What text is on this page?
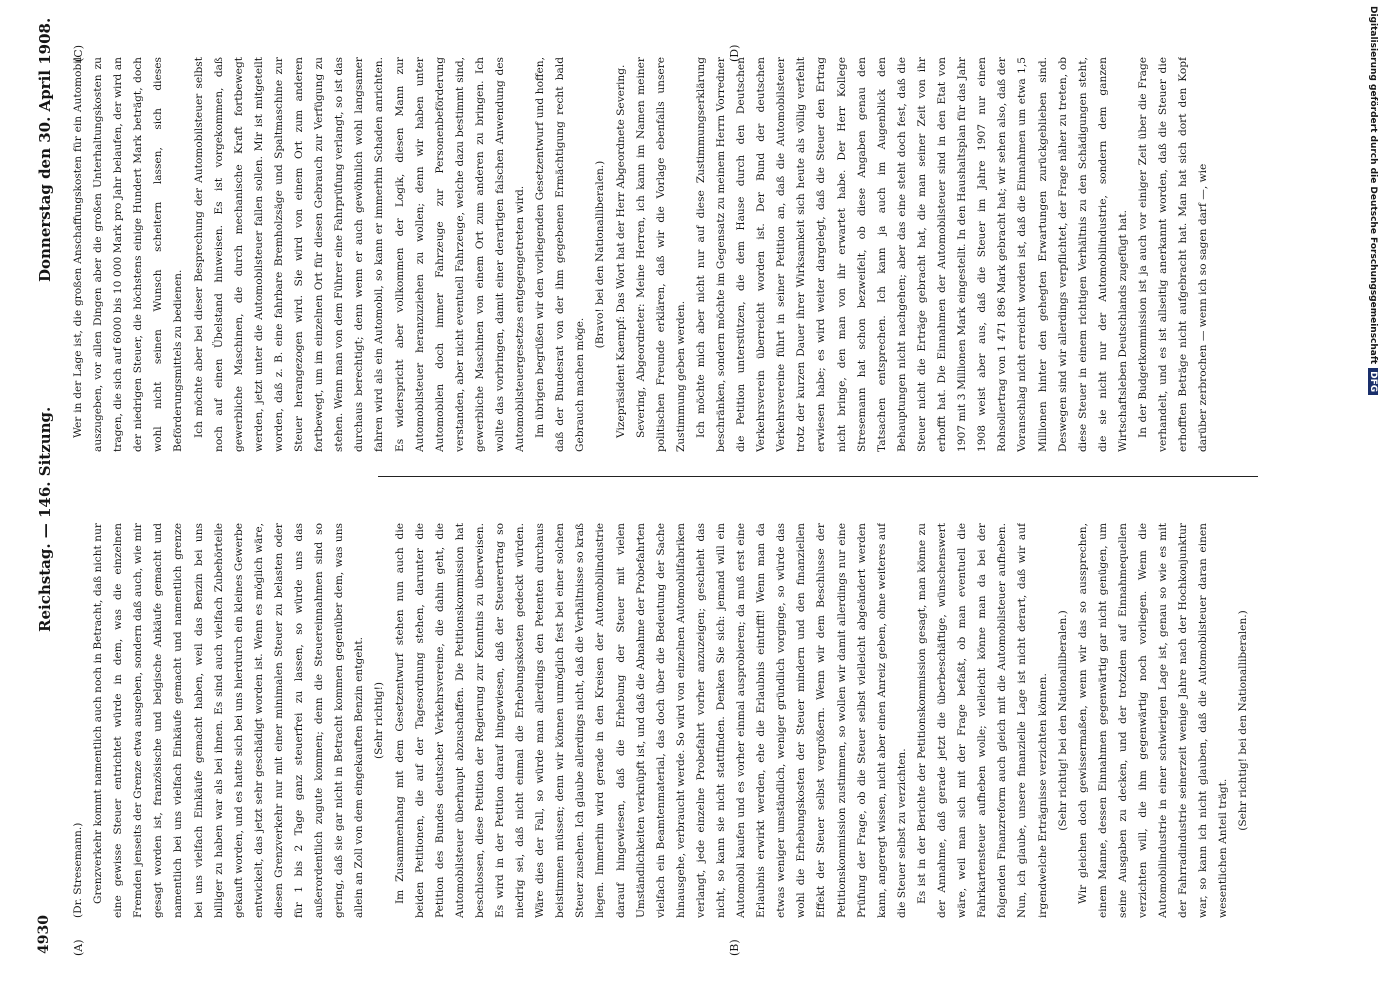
4930
Reichstag. — 146. Sitzung.
Donnerstag den 30. April 1908.
(A)	(B)
(C)	(D)

(Dr. Stresemann.) Grenzverkehr kommt namentlich auch noch in Betracht, daß nicht nur eine gewisse Steuer entrichtet würde in dem, was die einzelnen Fremden jenseits der Grenze etwa ausgeben, sondern daß auch, wie mir gesagt worden ist, französische und belgische Ankäufe gemacht und namentlich bei uns vielfach Einkäufe gemacht und namentlich grenze bei uns vielfach Einkäufe gemacht haben, weil das Benzin bei uns billiger zu haben war als bei ihnen. Es sind auch vielfach Zubehörteile gekauft worden, und es hatte sich bei uns hierdurch ein kleines Gewerbe entwickelt, das jetzt sehr geschädigt worden ist. Wenn es möglich wäre, diesen Grenzverkehr nur mit einer minimalen Steuer zu belasten oder für 1 bis 2 Tage ganz steuerfrei zu lassen, so würde uns das außerordentlich zugute kommen; denn die Steuereinnahmen sind so gering, daß sie gar nicht in Betracht kommen gegenüber dem, was uns allein an Zoll von dem eingekauften Benzin entgeht. (Sehr richtig!) Im Zusammenhang mit dem Gesetzentwurf stehen nun auch die beiden Petitionen, die auf der Tagesordnung stehen, darunter die Petition des Bundes deutscher Verkehrsvereine, die dahin geht, die Automobilsteuer überhaupt abzuschaffen. Die Petitionskommission hat beschlossen, diese Petition der Regierung zur Kenntnis zu überweisen. Es wird in der Petition darauf hingewiesen, daß der Steuerertrag so niedrig sei, daß nicht einmal die Erhebungskosten gedeckt würden. Wäre dies der Fall, so würde man allerdings den Petenten durchaus beistimmen müssen; denn wir können unmöglich fest bei einer solchen Steuer zusehen. Ich glaube allerdings nicht, daß die Verhältnisse so kraß liegen. Immerhin wird gerade in den Kreisen der Automobilindustrie darauf hingewiesen, daß die Erhebung der Steuer mit vielen Umständlichkeiten verknüpft ist, und daß die Abnahme der Probefahrten vielfach ein Beamtenmaterial, das doch über die Bedeutung der Sache hinausgehe, verbraucht werde. So wird von einzelnen Automobilfabriken verlangt, jede einzelne Probefahrt vorher anzuzeigen; geschieht das nicht, so kann sie nicht stattfinden. Denken Sie sich: jemand will ein Automobil kaufen und es vorher einmal ausprobieren; da muß erst eine Erlaubnis erwirkt werden, ehe die Erlaubnis eintrifft! Wenn man da etwas weniger umständlich, weniger gründlich vorginge, so würde das wohl die Erhebungskosten der Steuer mindern und den finanziellen Effekt der Steuer selbst vergrößern. Wenn wir dem Beschlusse der Petitionskommission zustimmen, so wollen wir damit allerdings nur eine Prüfung der Frage, ob die Steuer selbst vielleicht abgeändert werden kann, angeregt wissen, nicht aber einen Anreiz geben, ohne weiteres auf die Steuer selbst zu verzichten. Es ist in der Berichte der Petitionskommission gesagt, man könne zu der Annahme, daß gerade jetzt die überbeschäftige, wünschenswert wäre, weil man sich mit der Frage befaßt, ob man eventuell die Fahrkartensteuer aufheben wolle; vielleicht könne man da bei der folgenden Finanzreform auch gleich mit die Automobilsteuer aufheben. Nun, ich glaube, unsere finanzielle Lage ist nicht derart, daß wir auf irgendwelche Erträgnisse verzichten können. (Sehr richtig! bei den Nationalliberalen.) Wir gleichen doch gewissermaßen, wenn wir das so aussprechen, einem Manne, dessen Einnahmen gegenwärtig gar nicht genügen, um seine Ausgaben zu decken, und der trotzdem auf Einnahmequellen verzichten will, die ihm gegenwärtig noch vorliegen. Wenn die Automobilindustrie in einer schwierigen Lage ist, genau so wie es mit der Fahrradindustrie seinerzeit wenige Jahre nach der Hochkonjunktur war, so kann ich nicht glauben, daß die Automobilsteuer daran einen wesentlichen Anteil trägt.

(Sehr richtig! bei den Nationalliberalen.)

Wer in der Lage ist, die großen Anschaffungskosten für ein Automobil auszugeben, vor allen Dingen aber die großen Unterhaltungskosten zu tragen, die sich auf 6000 bis 10 000 Mark pro Jahr belaufen, der wird an der niedrigen Steuer, die höchstens einige Hundert Mark beträgt, doch wohl nicht seinen Wunsch scheitern lassen, sich dieses Beförderungsmittels zu bedienen. Ich möchte aber bei dieser Besprechung der Automobilsteuer selbst noch auf einen Übelstand hinweisen. Es ist vorgekommen, daß gewerbliche Maschinen, die durch mechanische Kraft fortbewegt werden, jetzt unter die Automobilsteuer fallen sollen. Mir ist mitgeteilt worden, daß z. B. eine fahrbare Bremholzsäge und Spaltmaschine zur Steuer herangezogen wird. Sie wird von einem Ort zum anderen fortbewegt, um im einzelnen Ort für diesen Gebrauch zur Verfügung zu stehen. Wenn man von dem Führer eine Fahrprüfung verlangt, so ist das durchaus berechtigt; denn wenn er auch gewöhnlich wohl langsamer fahren wird als ein Automobil, so kann er immerhin Schaden anrichten. Es widerspricht aber vollkommen der Logik, diesen Mann zur Automobilsteuer heranzuziehen zu wollen; denn wir haben unter Automobilen doch immer Fahrzeuge zur Personenbeförderung verstanden, aber nicht eventuell Fahrzeuge, welche dazu bestimmt sind, gewerbliche Maschinen von einem Ort zum anderen zu bringen. Ich wollte das vorbringen, damit einer derartigen falschen Anwendung des Automobilsteuergesetzes entgegengetreten wird. Im übrigen begrüßen wir den vorliegenden Gesetzentwurf und hoffen, daß der Bundesrat von der ihm gegebenen Ermächtigung recht bald Gebrauch machen möge.

(Bravo! bei den Nationalliberalen.) Vizepräsident Kaempf: Das Wort hat der Herr Abgeordnete Severing. Severing, Abgeordneter: Meine Herren, ich kann im Namen meiner politischen Freunde erklären, daß wir die Vorlage ebenfalls unsere Zustimmung geben werden. Ich möchte mich aber nicht nur auf diese Zustimmungserklärung beschränken, sondern möchte im Gegensatz zu meinem Herrn Vorredner die Petition unterstützen, die dem Hause durch den Deutschen Verkehrsverein überreicht worden ist. Der Bund der deutschen Verkehrsvereine führt in seiner Petition an, daß die Automobilsteuer trotz der kurzen Dauer ihrer Wirksamkeit sich heute als völlig verfehlt erwiesen habe; es wird weiter dargelegt, daß die Steuer den Ertrag nicht bringe, den man von ihr erwartet habe. Der Herr Kollege Stresemann hat schon bezweifelt, ob diese Angaben genau den Tatsachen entsprechen. Ich kann ja auch im Augenblick den Behauptungen nicht nachgehen; aber das eine steht doch fest, daß die Steuer nicht die Erträge gebracht hat, die man seiner Zeit von ihr erhofft hat. Die Einnahmen der Automobilsteuer sind in den Etat von 1907 mit 3 Millionen Mark eingestellt. In den Haushaltsplan für das Jahr 1908 weist aber aus, daß die Steuer im Jahre 1907 nur einen Rohsollertrag von 1 471 896 Mark gebracht hat; wir sehen also, daß der Voranschlag nicht erreicht worden ist, daß die Einnahmen um etwa 1,5 Millionen hinter den gehegten Erwartungen zurückgeblieben sind. Deswegen sind wir allerdings verpflichtet, der Frage näher zu treten, ob diese Steuer in einem richtigen Verhältnis zu den Schädigungen steht, die sie nicht nur der Automobilindustrie, sondern dem ganzen Wirtschaftsleben Deutschlands zugefügt hat. In der Budgetkommission ist ja auch vor einiger Zeit über die Frage verhandelt, und es ist allseitig anerkannt worden, daß die Steuer die erhofften Beträge nicht aufgebracht hat. Man hat sich dort den Kopf darüber zerbrochen — wenn ich so sagen darf —, wie	Digitalisierung gefördert durch die Deutsche ForschungsgemeinschaftDFG
